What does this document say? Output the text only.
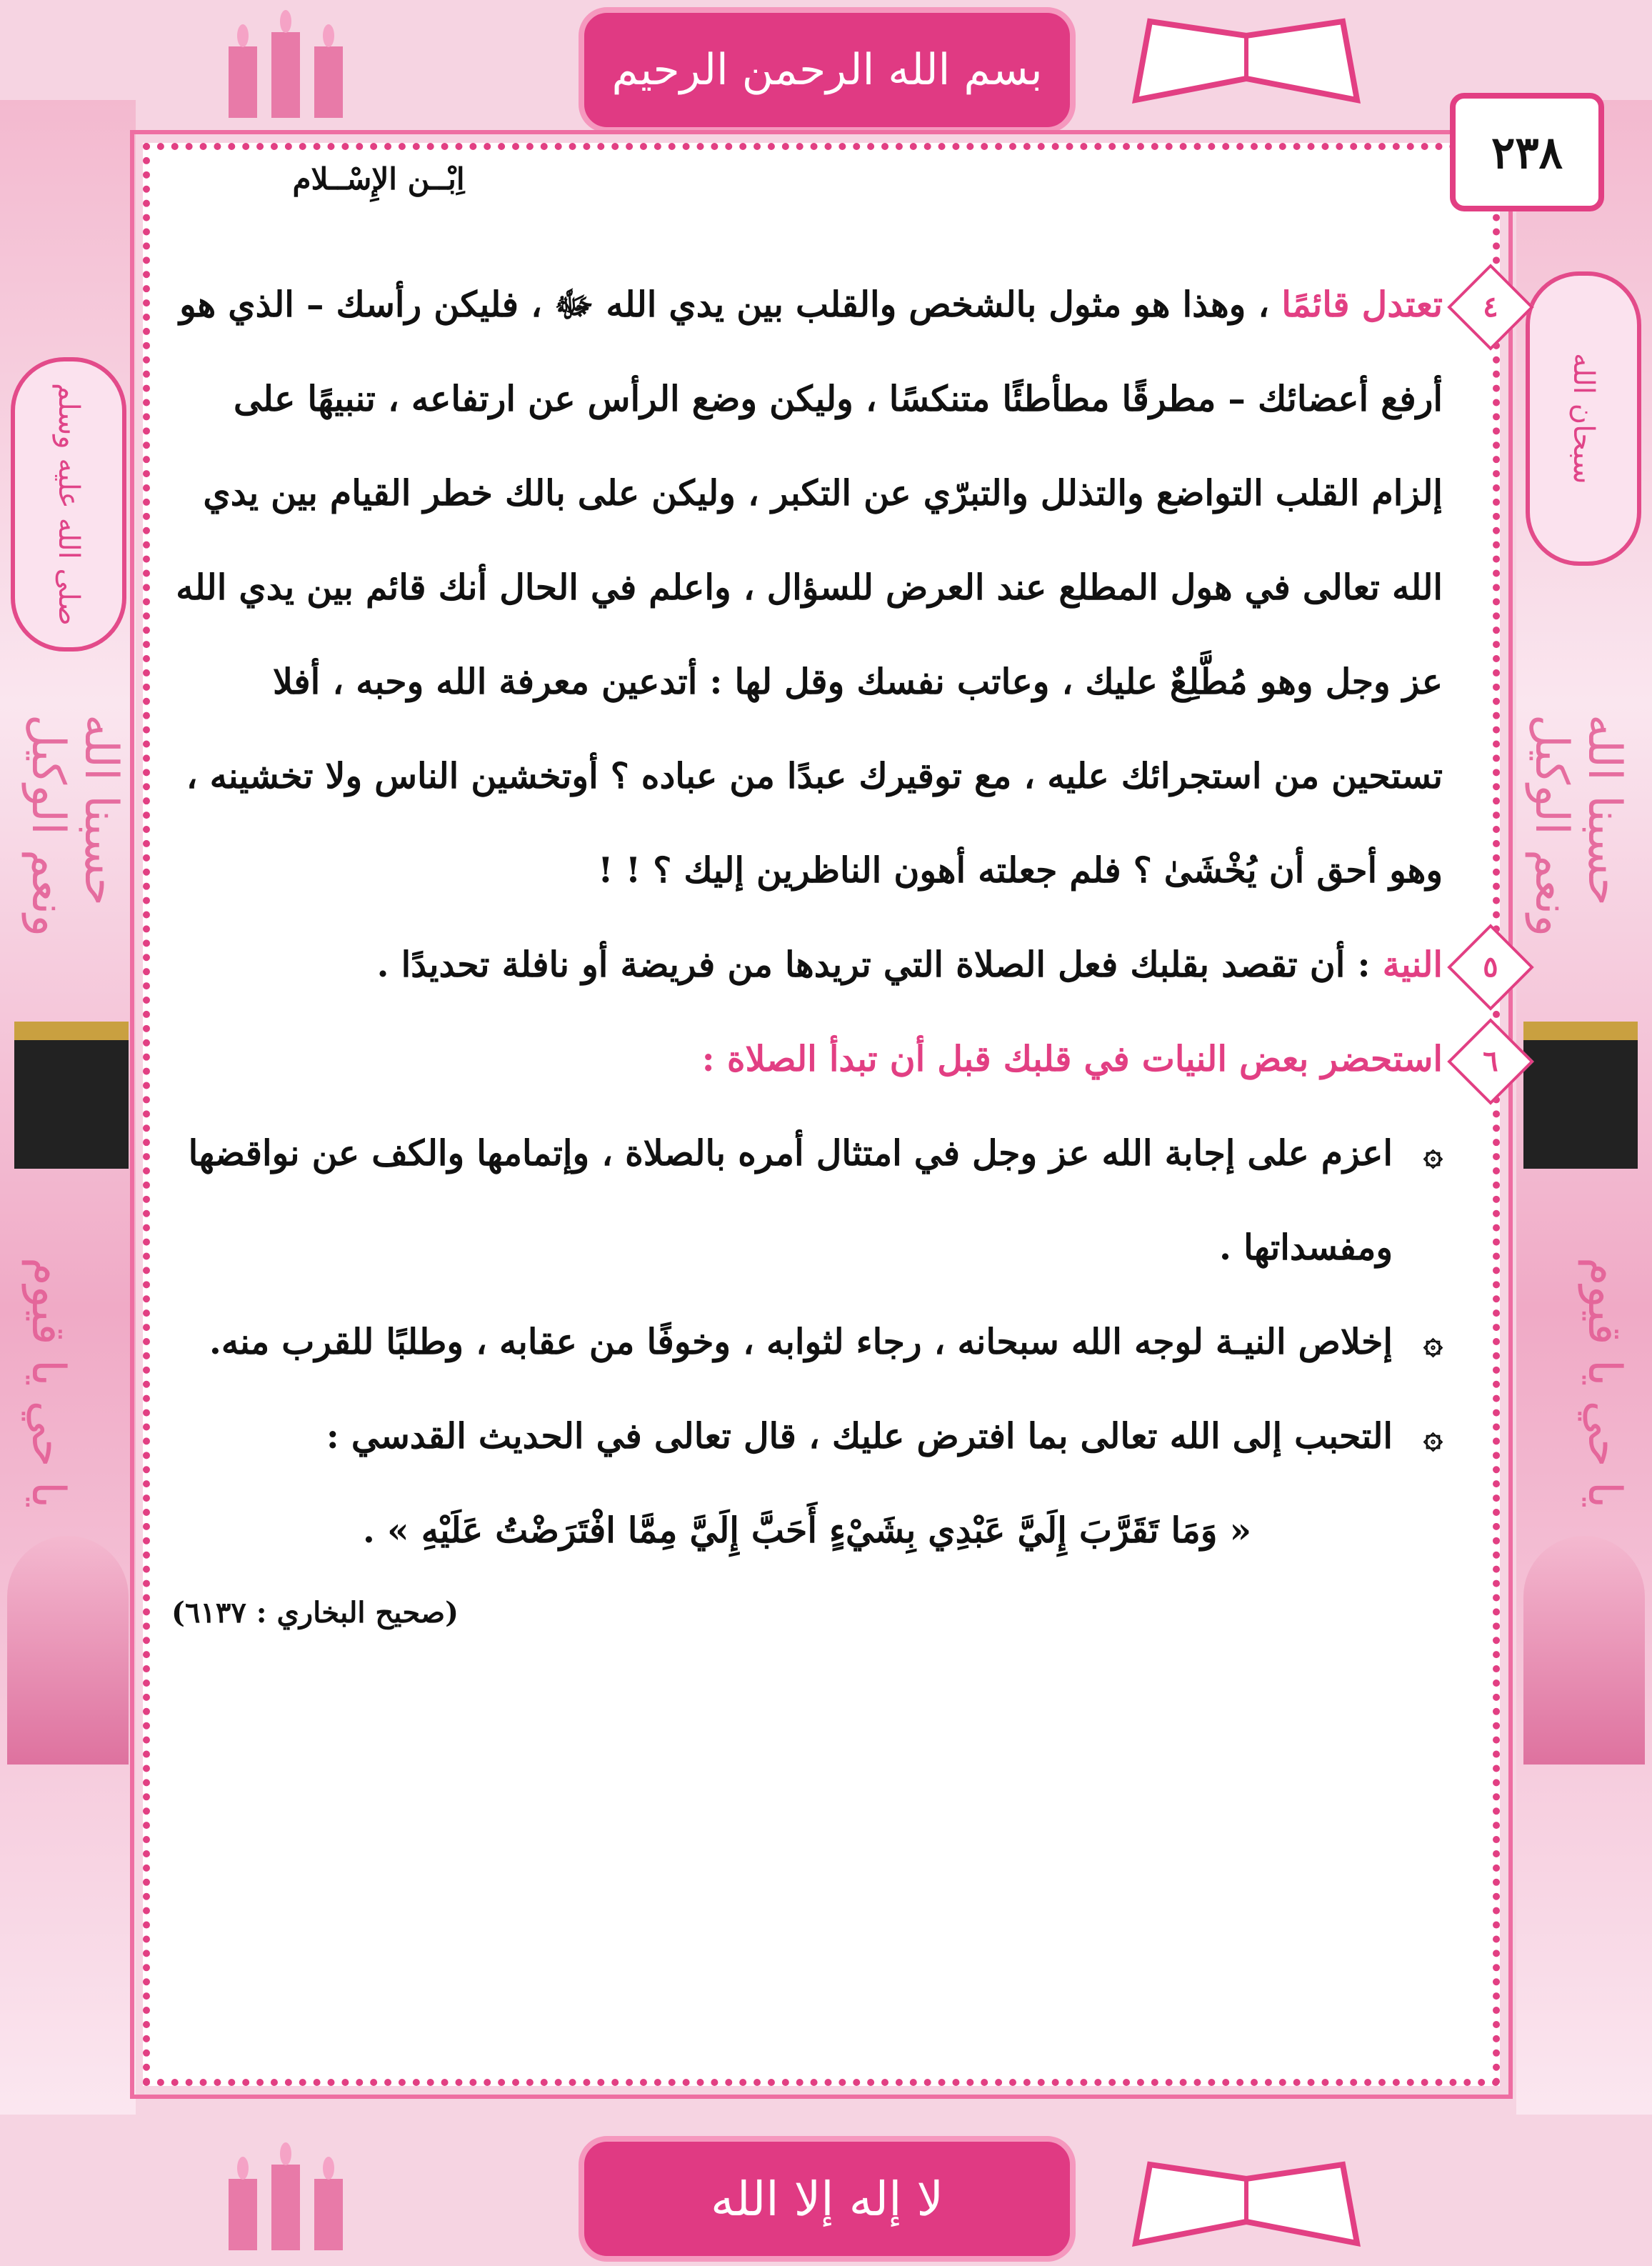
صلى الله عليه وسلم	سبحان الله
حسبنا الله ونعم الوكيل	حسبنا الله ونعم الوكيل
يا حي يا قيوم	يا حي يا قيوم
بسم الله الرحمن الرحيم
لا إله إلا الله
٢٣٨
اِبْــن الإِسْــلام
٤
تعتدل قائمًا ، وهذا هو مثول بالشخص والقلب بين يدي الله ﷻ ، فليكن رأسك – الذي هو أرفع أعضائك – مطرقًا مطأطئًا متنكسًا ، وليكن وضع الرأس عن ارتفاعه ، تنبيهًا على إلزام القلب التواضع والتذلل والتبرّي عن التكبر ، وليكن على بالك خطر القيام بين يدي الله تعالى في هول المطلع عند العرض للسؤال ، واعلم في الحال أنك قائم بين يدي الله عز وجل وهو مُطَّلِعٌ عليك ، وعاتب نفسك وقل لها : أتدعين معرفة الله وحبه ، أفلا تستحين من استجرائك عليه ، مع توقيرك عبدًا من عباده ؟ أوتخشين الناس ولا تخشينه ، وهو أحق أن يُخْشَىٰ ؟ فلم جعلته أهون الناظرين إليك ؟ ! !
٥
النية : أن تقصد بقلبك فعل الصلاة التي تريدها من فريضة أو نافلة تحديدًا .
٦
استحضر بعض النيات في قلبك قبل أن تبدأ الصلاة :
۞
اعزم على إجابة الله عز وجل في امتثال أمره بالصلاة ، وإتمامها والكف عن نواقضها ومفسداتها .
۞
إخلاص النيـة لوجه الله سبحانه ، رجاء لثوابه ، وخوفًا من عقابه ، وطلبًا للقرب منه.
۞
التحبب إلى الله تعالى بما افترض عليك ، قال تعالى في الحديث القدسي :
« وَمَا تَقَرَّبَ إِلَيَّ عَبْدِي بِشَيْءٍ أَحَبَّ إِلَيَّ مِمَّا افْتَرَضْتُ عَلَيْهِ » .
(صحيح البخاري : ٦١٣٧)
